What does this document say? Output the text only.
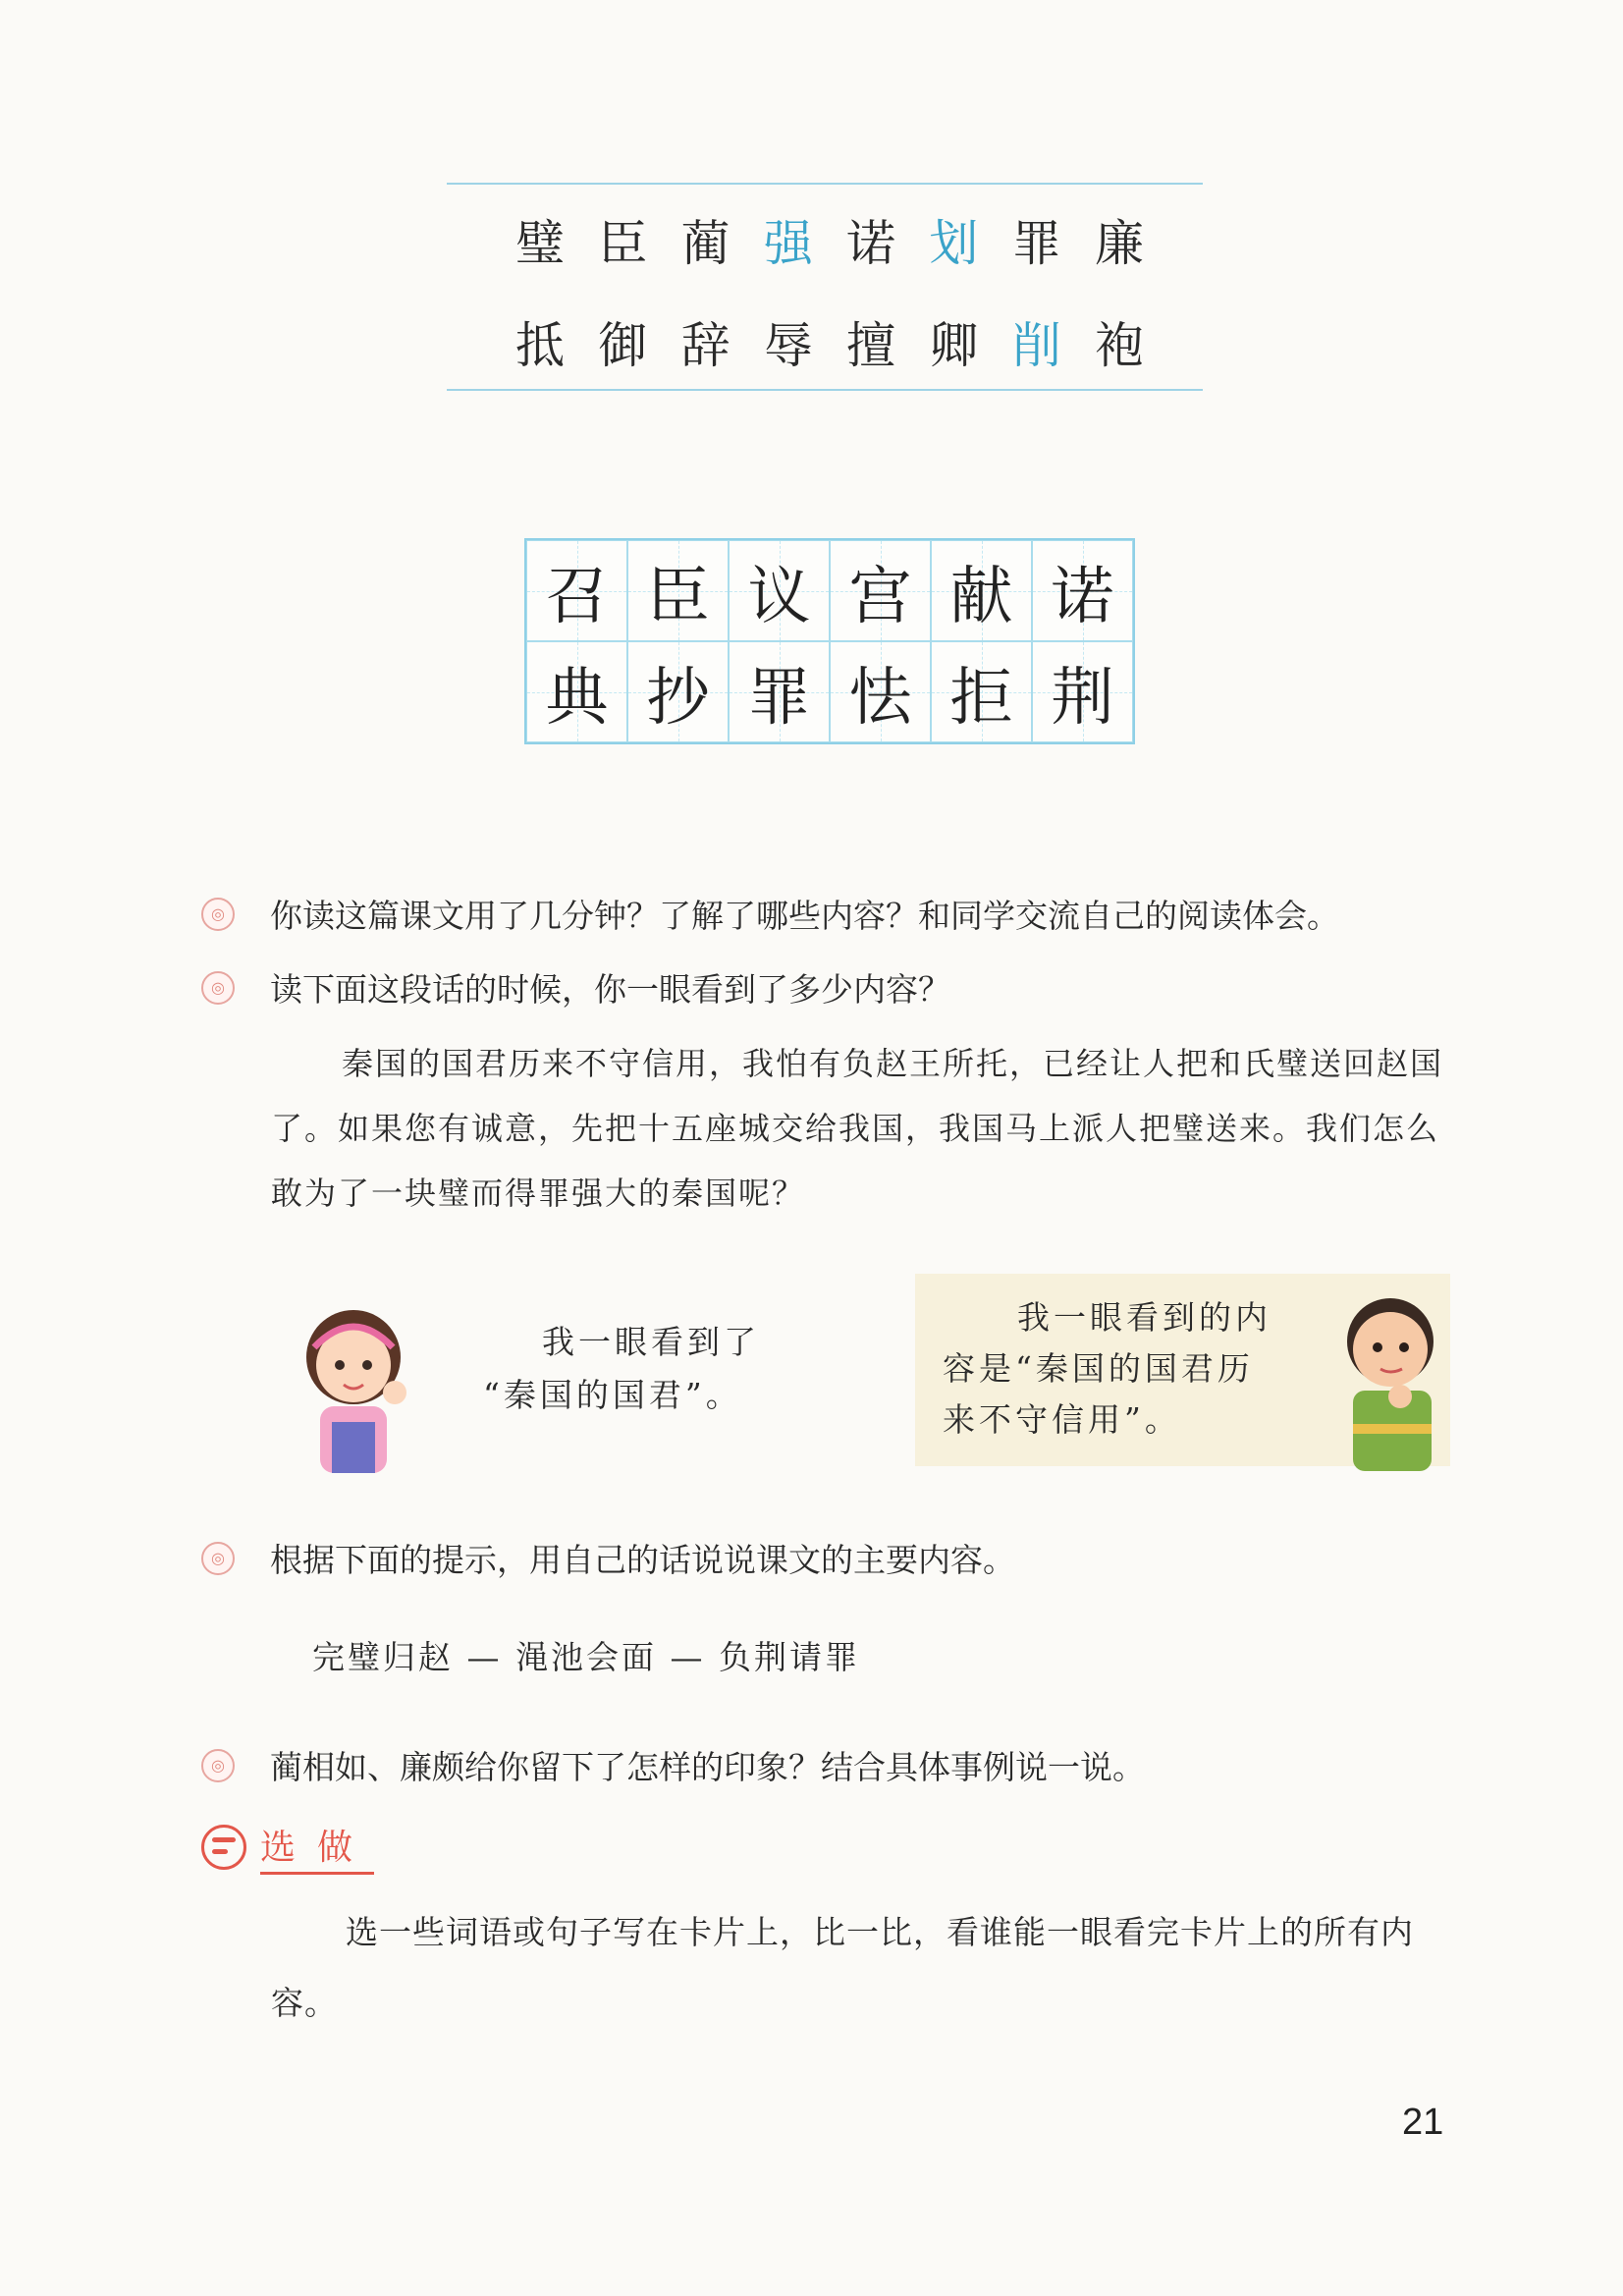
璧 臣 蔺 强 诺 划 罪 廉
抵 御 辞 辱 擅 卿 削 袍
召 臣 议 宫 献 诺
典 抄 罪 怯 拒 荆
◎	你读这篇课文用了几分钟？了解了哪些内容？和同学交流自己的阅读体会。
◎	读下面这段话的时候，你一眼看到了多少内容？

秦国的国君历来不守信用，我怕有负赵王所托，已经让人把和氏璧送回赵国了。如果您有诚意，先把十五座城交给我国，我国马上派人把璧送来。我们怎么敢为了一块璧而得罪强大的秦国呢？

我一眼看到了
“秦国的国君”。
我一眼看到的内
容是“秦国的国君历
来不守信用”。
◎	根据下面的提示，用自己的话说说课文的主要内容。
完璧归赵 — 渑池会面 — 负荆请罪
◎	蔺相如、廉颇给你留下了怎样的印象？结合具体事例说一说。
选做

选一些词语或句子写在卡片上，比一比，看谁能一眼看完卡片上的所有内容。

21
